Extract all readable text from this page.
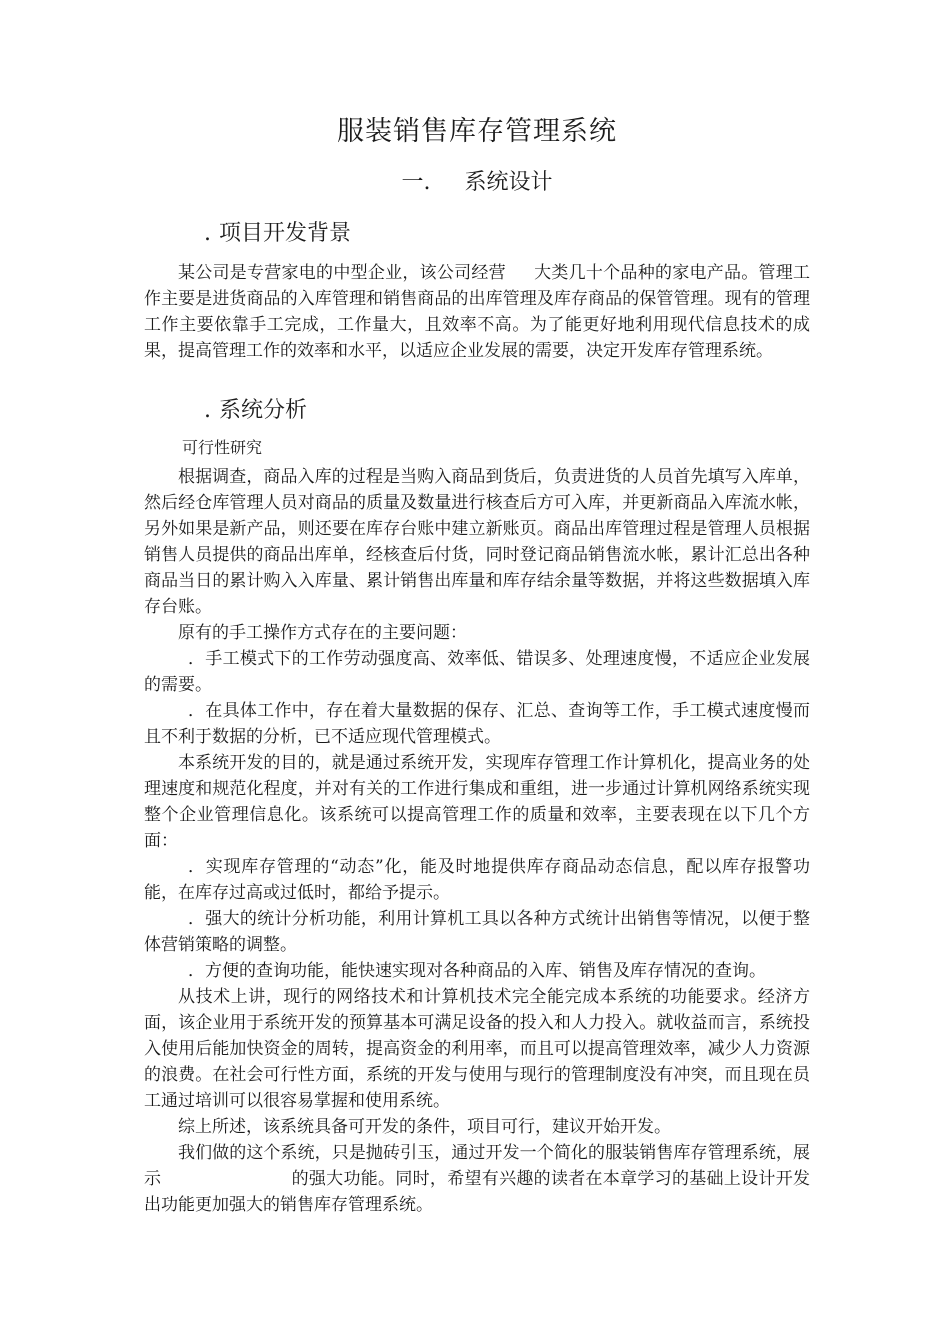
服装销售库存管理系统
一. 系统设计
. 项目开发背景

某公司是专营家电的中型企业，该公司经营 大类几十个品种的家电产品。管理工作主要是进货商品的入库管理和销售商品的出库管理及库存商品的保管管理。现有的管理工作主要依靠手工完成，工作量大，且效率不高。为了能更好地利用现代信息技术的成果，提高管理工作的效率和水平，以适应企业发展的需要，决定开发库存管理系统。

. 系统分析

可行性研究

根据调查，商品入库的过程是当购入商品到货后，负责进货的人员首先填写入库单，然后经仓库管理人员对商品的质量及数量进行核查后方可入库，并更新商品入库流水帐，另外如果是新产品，则还要在库存台账中建立新账页。商品出库管理过程是管理人员根据销售人员提供的商品出库单，经核查后付货，同时登记商品销售流水帐，累计汇总出各种商品当日的累计购入入库量、累计销售出库量和库存结余量等数据，并将这些数据填入库存台账。

原有的手工操作方式存在的主要问题：

．手工模式下的工作劳动强度高、效率低、错误多、处理速度慢，不适应企业发展的需要。

．在具体工作中，存在着大量数据的保存、汇总、查询等工作，手工模式速度慢而且不利于数据的分析，已不适应现代管理模式。

本系统开发的目的，就是通过系统开发，实现库存管理工作计算机化，提高业务的处理速度和规范化程度，并对有关的工作进行集成和重组，进一步通过计算机网络系统实现整个企业管理信息化。该系统可以提高管理工作的质量和效率，主要表现在以下几个方面：

．实现库存管理的“动态”化，能及时地提供库存商品动态信息，配以库存报警功能，在库存过高或过低时，都给予提示。

．强大的统计分析功能，利用计算机工具以各种方式统计出销售等情况，以便于整体营销策略的调整。

．方便的查询功能，能快速实现对各种商品的入库、销售及库存情况的查询。

从技术上讲，现行的网络技术和计算机技术完全能完成本系统的功能要求。经济方面，该企业用于系统开发的预算基本可满足设备的投入和人力投入。就收益而言，系统投入使用后能加快资金的周转，提高资金的利用率，而且可以提高管理效率，减少人力资源的浪费。在社会可行性方面，系统的开发与使用与现行的管理制度没有冲突，而且现在员工通过培训可以很容易掌握和使用系统。

综上所述，该系统具备可开发的条件，项目可行，建议开始开发。

我们做的这个系统，只是抛砖引玉，通过开发一个简化的服装销售库存管理系统，展示	的强大功能。同时，希望有兴趣的读者在本章学习的基础上设计开发出功能更加强大的销售库存管理系统。
